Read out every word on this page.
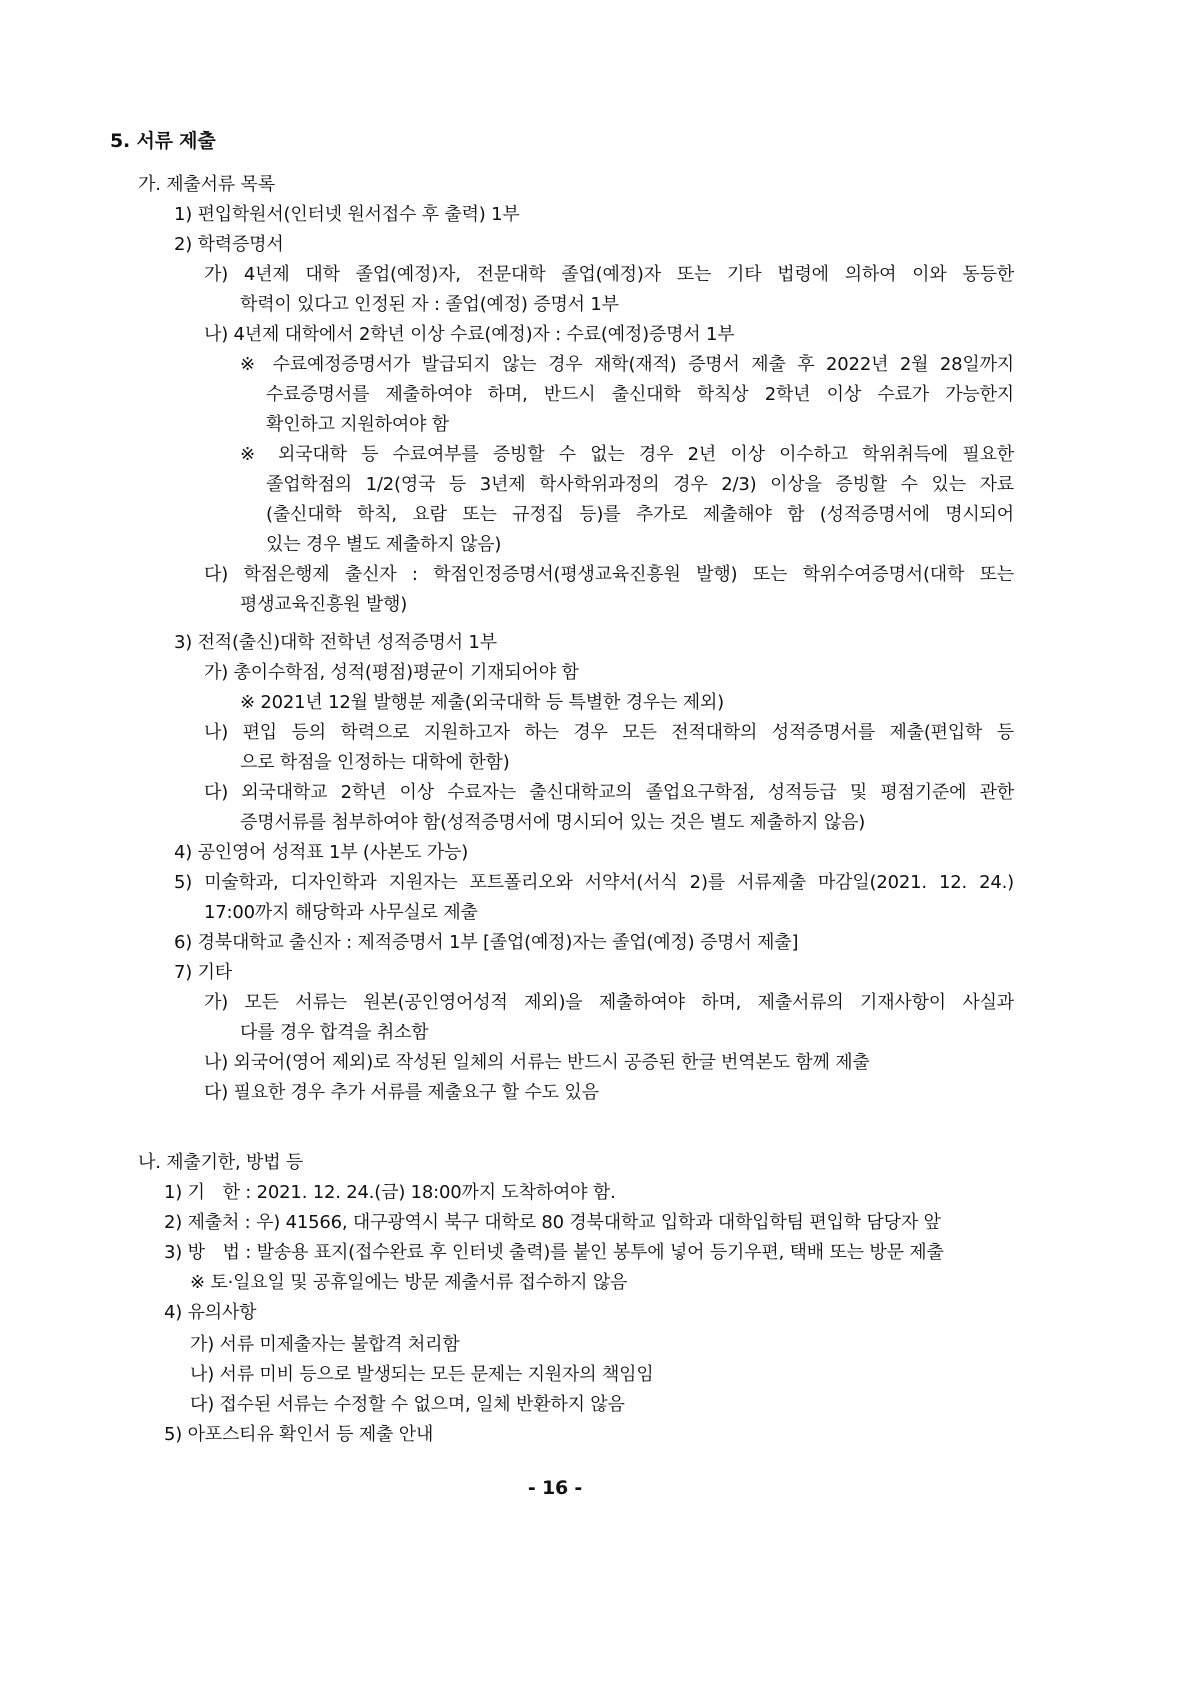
5. 서류 제출
가. 제출서류 목록
1) 편입학원서(인터넷 원서접수 후 출력) 1부
2) 학력증명서
가) 4년제 대학 졸업(예정)자, 전문대학 졸업(예정)자 또는 기타 법령에 의하여 이와 동등한
학력이 있다고 인정된 자 : 졸업(예정) 증명서 1부
나) 4년제 대학에서 2학년 이상 수료(예정)자 : 수료(예정)증명서 1부
※ 수료예정증명서가 발급되지 않는 경우 재학(재적) 증명서 제출 후 2022년 2월 28일까지
수료증명서를 제출하여야 하며, 반드시 출신대학 학칙상 2학년 이상 수료가 가능한지
확인하고 지원하여야 함
※ 외국대학 등 수료여부를 증빙할 수 없는 경우 2년 이상 이수하고 학위취득에 필요한
졸업학점의 1/2(영국 등 3년제 학사학위과정의 경우 2/3) 이상을 증빙할 수 있는 자료
(출신대학 학칙, 요람 또는 규정집 등)를 추가로 제출해야 함 (성적증명서에 명시되어
있는 경우 별도 제출하지 않음)
다) 학점은행제 출신자 : 학점인정증명서(평생교육진흥원 발행) 또는 학위수여증명서(대학 또는
평생교육진흥원 발행)
3) 전적(출신)대학 전학년 성적증명서 1부
가) 총이수학점, 성적(평점)평균이 기재되어야 함
※ 2021년 12월 발행분 제출(외국대학 등 특별한 경우는 제외)
나) 편입 등의 학력으로 지원하고자 하는 경우 모든 전적대학의 성적증명서를 제출(편입학 등
으로 학점을 인정하는 대학에 한함)
다) 외국대학교 2학년 이상 수료자는 출신대학교의 졸업요구학점, 성적등급 및 평점기준에 관한
증명서류를 첨부하여야 함(성적증명서에 명시되어 있는 것은 별도 제출하지 않음)
4) 공인영어 성적표 1부 (사본도 가능)
5) 미술학과, 디자인학과 지원자는 포트폴리오와 서약서(서식 2)를 서류제출 마감일(2021. 12. 24.)
17:00까지 해당학과 사무실로 제출
6) 경북대학교 출신자 : 제적증명서 1부 [졸업(예정)자는 졸업(예정) 증명서 제출]
7) 기타
가) 모든 서류는 원본(공인영어성적 제외)을 제출하여야 하며, 제출서류의 기재사항이 사실과
다를 경우 합격을 취소함
나) 외국어(영어 제외)로 작성된 일체의 서류는 반드시 공증된 한글 번역본도 함께 제출
다) 필요한 경우 추가 서류를 제출요구 할 수도 있음
나. 제출기한, 방법 등
1) 기　한 : 2021. 12. 24.(금) 18:00까지 도착하여야 함.
2) 제출처 : 우) 41566, 대구광역시 북구 대학로 80 경북대학교 입학과 대학입학팀 편입학 담당자 앞
3) 방　법 : 발송용 표지(접수완료 후 인터넷 출력)를 붙인 봉투에 넣어 등기우편, 택배 또는 방문 제출
※ 토·일요일 및 공휴일에는 방문 제출서류 접수하지 않음
4) 유의사항
가) 서류 미제출자는 불합격 처리함
나) 서류 미비 등으로 발생되는 모든 문제는 지원자의 책임임
다) 접수된 서류는 수정할 수 없으며, 일체 반환하지 않음
5) 아포스티유 확인서 등 제출 안내
- 16 -
